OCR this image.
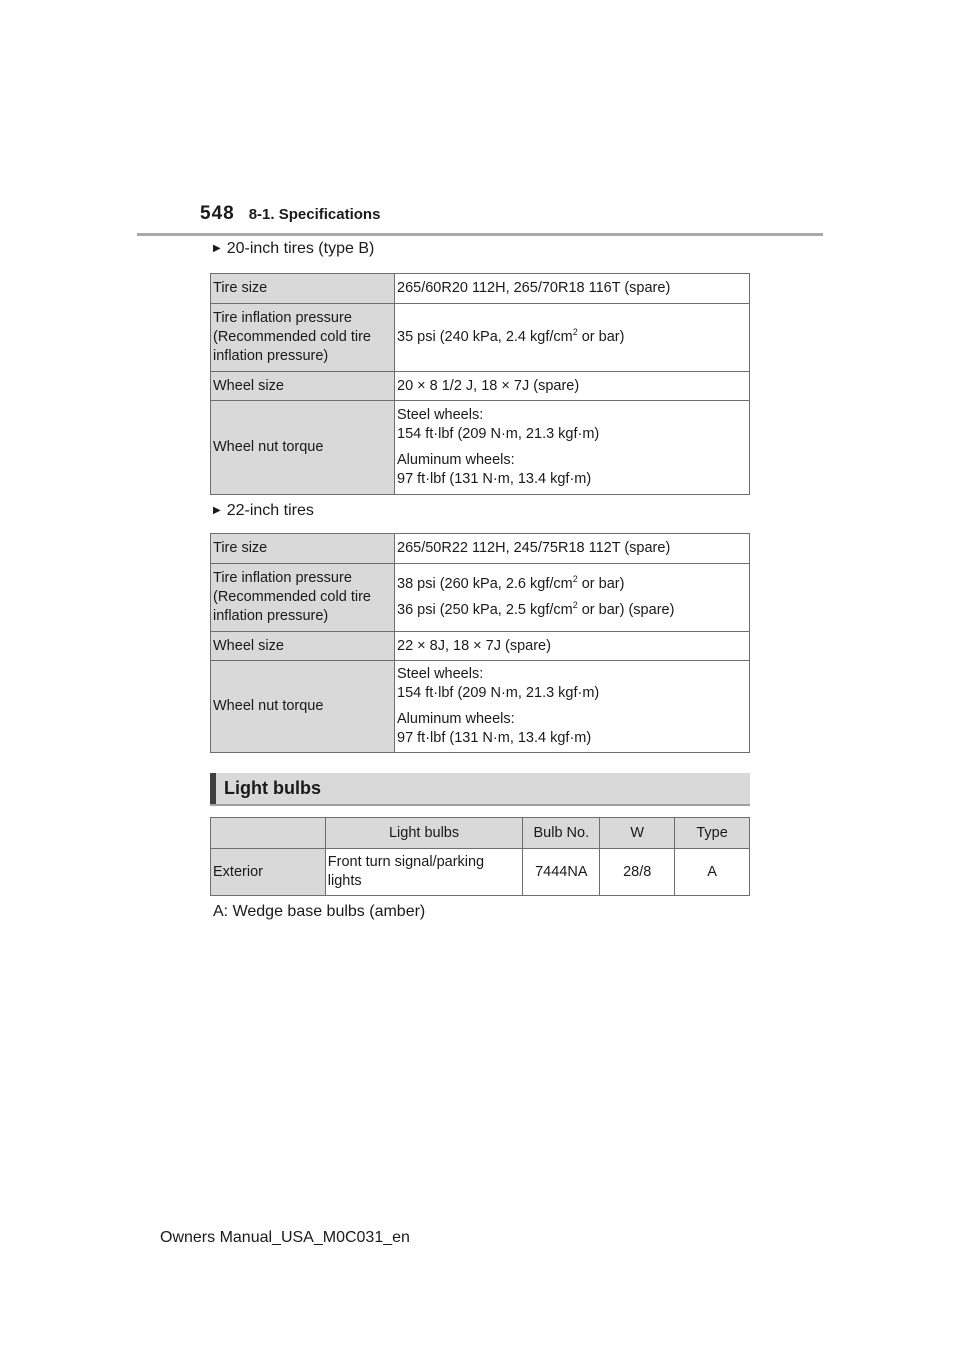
548 8-1. Specifications
▶ 20-inch tires (type B)
Tire size	265/60R20 112H, 265/70R18 116T (spare)
Tire inflation pressure (Recommended cold tire inflation pressure)	35 psi (240 kPa, 2.4 kgf/$cm^2$ or bar)
Wheel size	20 × 8 1/2 J, 18 × 7J (spare)
Wheel nut torque	Steel wheels:
154 ft·lbf (209 N·m, 21.3 kgf·m)

Aluminum wheels:
97 ft·lbf (131 N·m, 13.4 kgf·m)

▶ 22-inch tires
Tire size	265/50R22 112H, 245/75R18 112T (spare)
Tire inflation pressure (Recommended cold tire inflation pressure)	38 psi (260 kPa, 2.6 kgf/$cm^2$ or bar)

36 psi (250 kPa, 2.5 kgf/$cm^2$ or bar) (spare)

Wheel size	22 × 8J, 18 × 7J (spare)
Wheel nut torque	Steel wheels:
154 ft·lbf (209 N·m, 21.3 kgf·m)

Aluminum wheels:
97 ft·lbf (131 N·m, 13.4 kgf·m)

Light bulbs
	Light bulbs	Bulb No.	W	Type
Exterior	Front turn signal/parking lights	7444NA	28/8	A
A: Wedge base bulbs (amber)
Owners Manual_USA_M0C031_en
